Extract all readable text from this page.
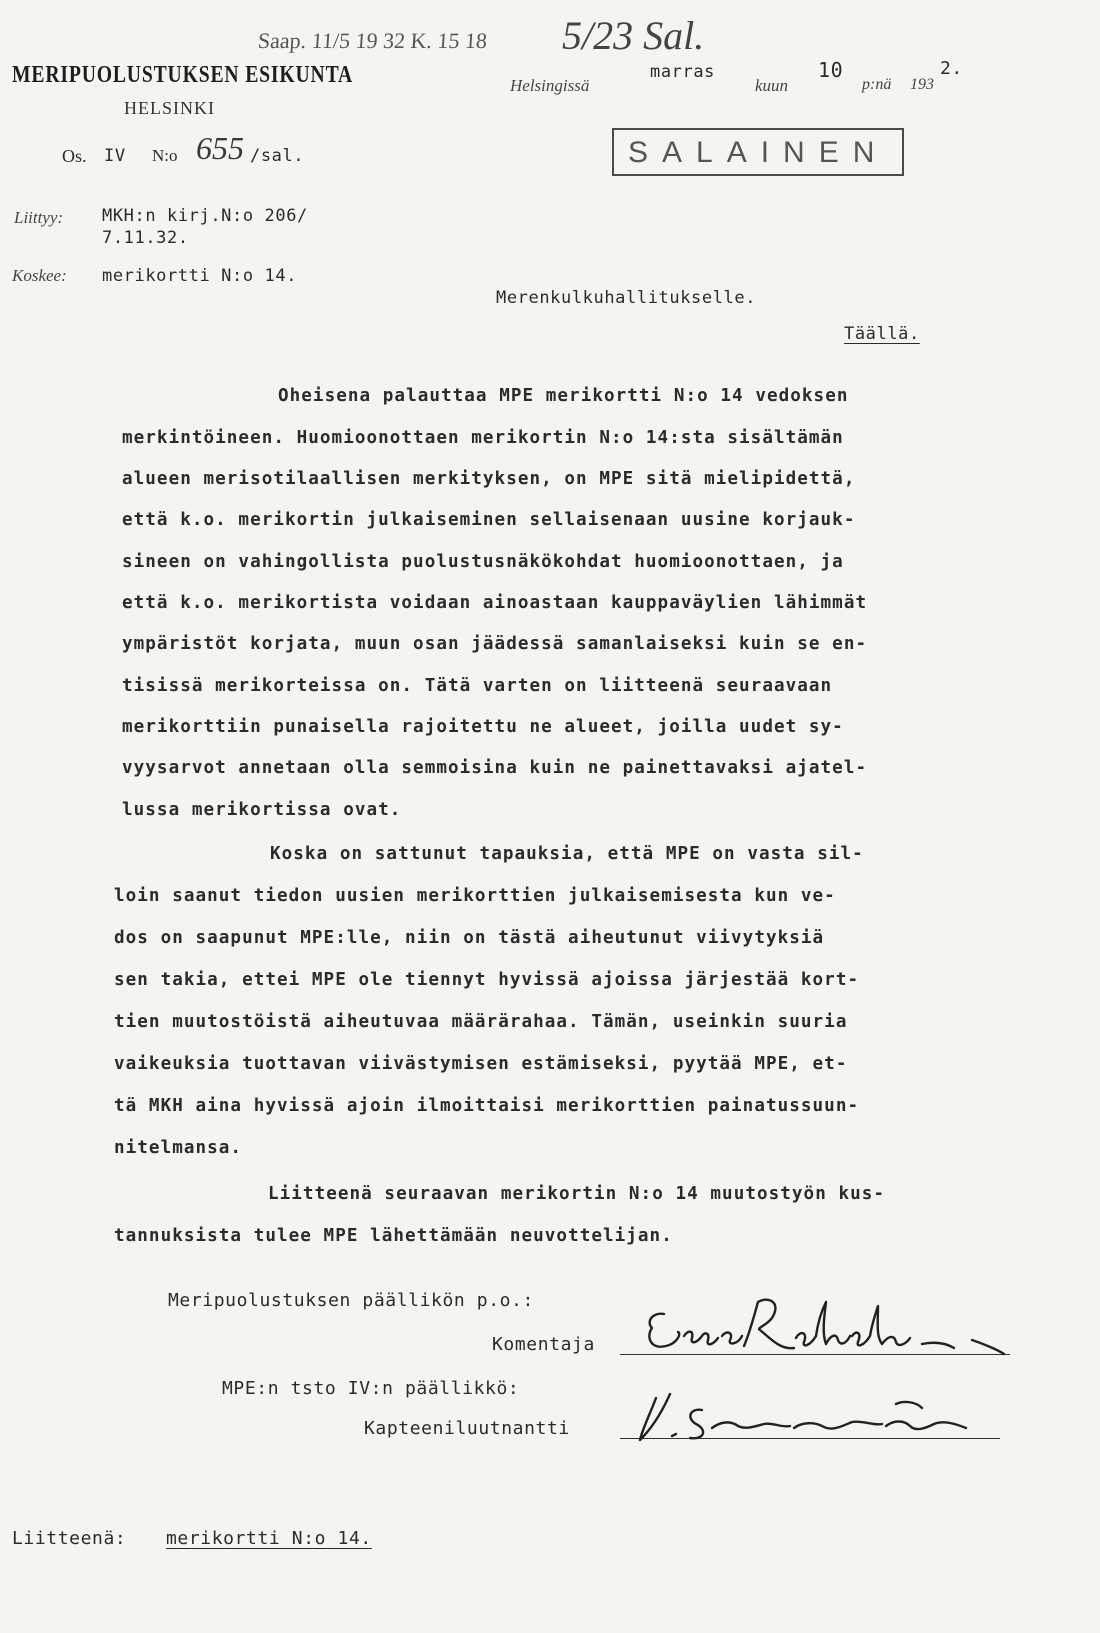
Saap. 11/5 19 32 K. 15 18 5/23 Sal.
MERIPUOLUSTUKSEN ESIKUNTA
HELSINKI
Helsingissä
marras
kuun
10
p:nä 193
2.
SALAINEN
Os. IV N:o 655 /sal.
Liittyy: MKH:n kirj.N:o 206/
7.11.32.
Koskee: merikortti N:o 14.
Merenkulkuhallitukselle.
Täällä.
Oheisena palauttaa MPE merikortti N:o 14 vedoksen
merkintöineen. Huomioonottaen merikortin N:o 14:sta sisältämän
alueen merisotilaallisen merkityksen, on MPE sitä mielipidettä,
että k.o. merikortin julkaiseminen sellaisenaan uusine korjauk-
sineen on vahingollista puolustusnäkökohdat huomioonottaen, ja
että k.o. merikortista voidaan ainoastaan kauppaväylien lähimmät
ympäristöt korjata, muun osan jäädessä samanlaiseksi kuin se en-
tisissä merikorteissa on. Tätä varten on liitteenä seuraavaan
merikorttiin punaisella rajoitettu ne alueet, joilla uudet sy-
vyysarvot annetaan olla semmoisina kuin ne painettavaksi ajatel-
lussa merikortissa ovat.
Koska on sattunut tapauksia, että MPE on vasta sil-
loin saanut tiedon uusien merikorttien julkaisemisesta kun ve-
dos on saapunut MPE:lle, niin on tästä aiheutunut viivytyksiä
sen takia, ettei MPE ole tiennyt hyvissä ajoissa järjestää kort-
tien muutostöistä aiheutuvaa määrärahaa. Tämän, useinkin suuria
vaikeuksia tuottavan viivästymisen estämiseksi, pyytää MPE, et-
tä MKH aina hyvissä ajoin ilmoittaisi merikorttien painatussuun-
nitelmansa.
Liitteenä seuraavan merikortin N:o 14 muutostyön kus-
tannuksista tulee MPE lähettämään neuvottelijan.
Meripuolustuksen päällikön p.o.:
Komentaja
MPE:n tsto IV:n päällikkö:
Kapteeniluutnantti
Liitteenä: merikortti N:o 14.
